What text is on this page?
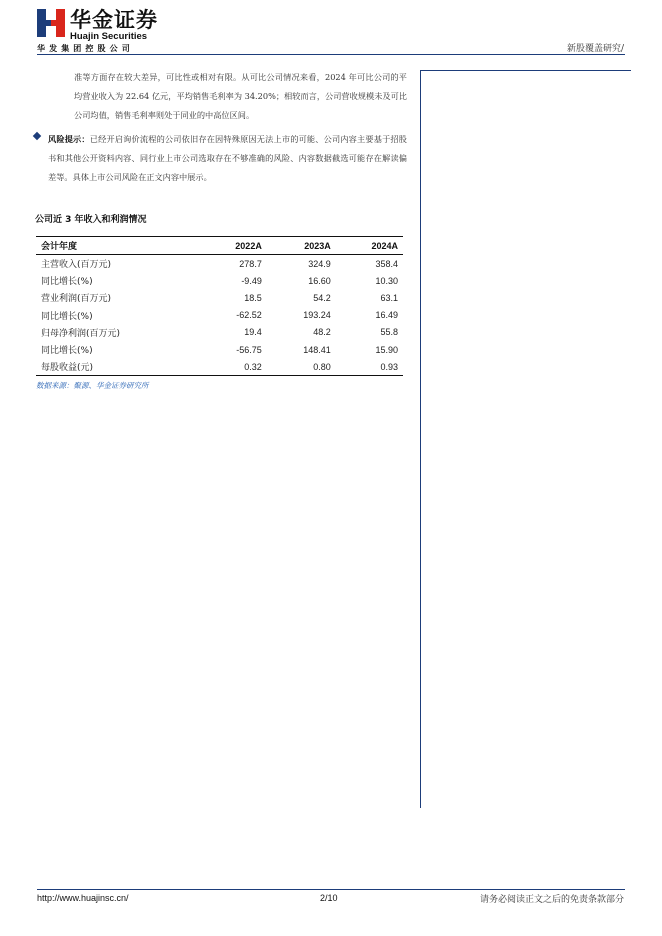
华金证券
Huajin Securities
华发集团控股公司	新股覆盖研究/
准等方面存在较大差异，可比性或相对有限。从可比公司情况来看，2024 年可比公司的平均营业收入为 22.64 亿元，平均销售毛利率为 34.20%；相较而言，公司营收规模未及可比公司均值，销售毛利率则处于同业的中高位区间。
风险提示：已经开启询价流程的公司依旧存在因特殊原因无法上市的可能、公司内容主要基于招股书和其他公开资料内容、同行业上市公司选取存在不够准确的风险、内容数据截选可能存在解读偏差等。具体上市公司风险在正文内容中展示。
公司近 3 年收入和利润情况
会计年度	2022A	2023A	2024A
主营收入(百万元)	278.7	324.9	358.4
同比增长(%)	-9.49	16.60	10.30
营业利润(百万元)	18.5	54.2	63.1
同比增长(%)	-62.52	193.24	16.49
归母净利润(百万元)	19.4	48.2	55.8
同比增长(%)	-56.75	148.41	15.90
每股收益(元)	0.32	0.80	0.93
数据来源：聚源、华金证券研究所
http://www.huajinsc.cn/	2/10	请务必阅读正文之后的免责条款部分
